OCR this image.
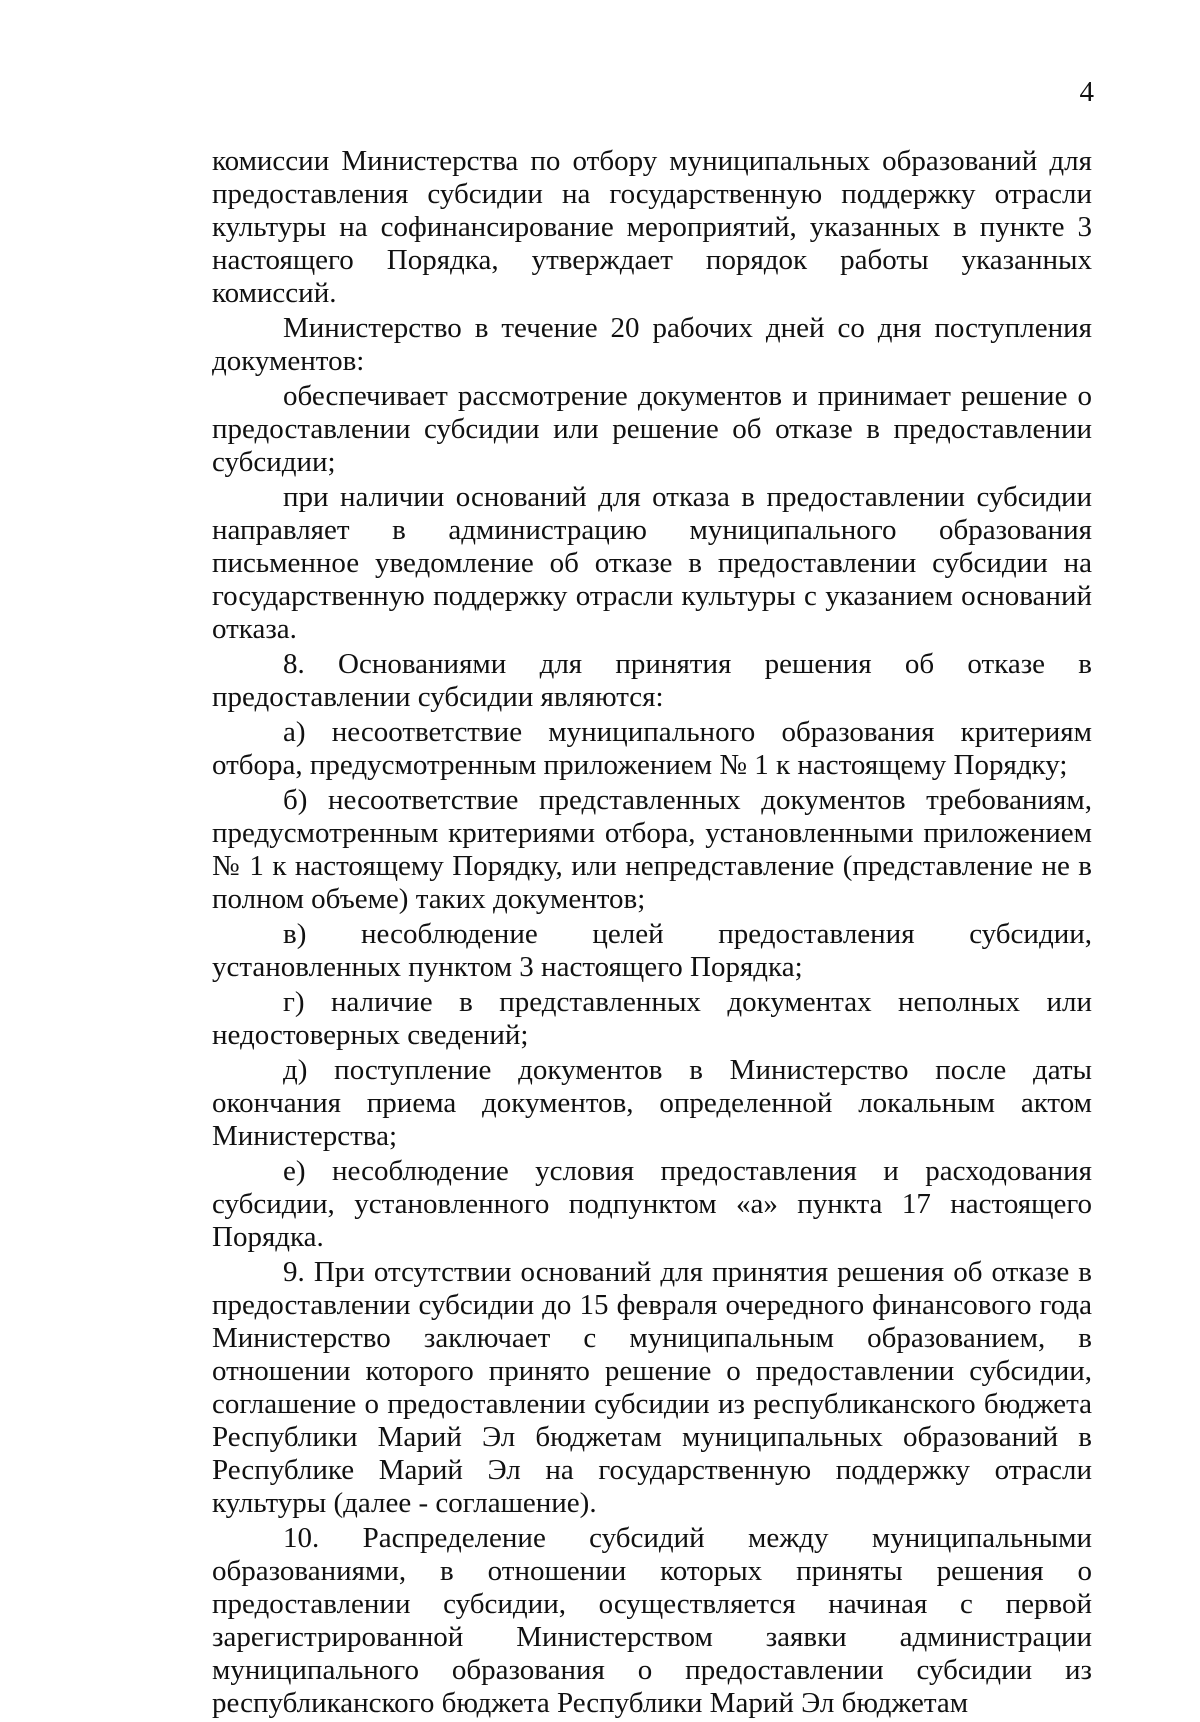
4

комиссии Министерства по отбору муниципальных образований для предоставления субсидии на государственную поддержку отрасли культуры на софинансирование мероприятий, указанных в пункте 3 настоящего Порядка, утверждает порядок работы указанных комиссий.

Министерство в течение 20 рабочих дней со дня поступления документов:

обеспечивает рассмотрение документов и принимает решение о предоставлении субсидии или решение об отказе в предоставлении субсидии;

при наличии оснований для отказа в предоставлении субсидии направляет в администрацию муниципального образования письменное уведомление об отказе в предоставлении субсидии на государственную поддержку отрасли культуры с указанием оснований отказа.

8. Основаниями для принятия решения об отказе в предоставлении субсидии являются:

а) несоответствие муниципального образования критериям отбора, предусмотренным приложением № 1 к настоящему Порядку;

б) несоответствие представленных документов требованиям, предусмотренным критериями отбора, установленными приложением № 1 к настоящему Порядку, или непредставление (представление не в полном объеме) таких документов;

в) несоблюдение целей предоставления субсидии, установленных пунктом 3 настоящего Порядка;

г) наличие в представленных документах неполных или недостоверных сведений;

д) поступление документов в Министерство после даты окончания приема документов, определенной локальным актом Министерства;

е) несоблюдение условия предоставления и расходования субсидии, установленного подпунктом «а» пункта 17 настоящего Порядка.

9. При отсутствии оснований для принятия решения об отказе в предоставлении субсидии до 15 февраля очередного финансового года Министерство заключает с муниципальным образованием, в отношении которого принято решение о предоставлении субсидии, соглашение о предоставлении субсидии из республиканского бюджета Республики Марий Эл бюджетам муниципальных образований в Республике Марий Эл на государственную поддержку отрасли культуры (далее - соглашение).

10. Распределение субсидий между муниципальными образованиями, в отношении которых приняты решения о предоставлении субсидии, осуществляется начиная с первой зарегистрированной Министерством заявки администрации муниципального образования о предоставлении субсидии из республиканского бюджета Республики Марий Эл бюджетам
